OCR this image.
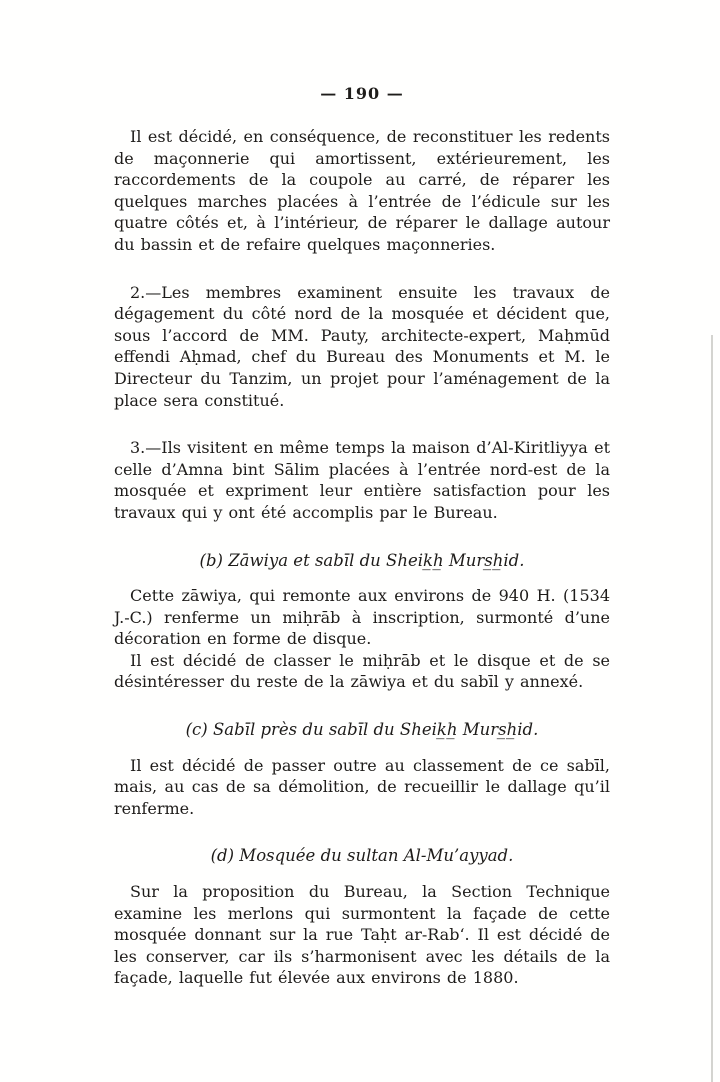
— 190 —

Il est décidé, en conséquence, de reconstituer les redents de maçonnerie qui amortissent, extérieurement, les raccordements de la coupole au carré, de réparer les quelques marches placées à l’entrée de l’édicule sur les quatre côtés et, à l’intérieur, de réparer le dallage autour du bassin et de refaire quelques maçonneries.

2.—Les membres examinent ensuite les travaux de dégagement du côté nord de la mosquée et décident que, sous l’accord de MM. Pauty, architecte-expert, Maḥmūd effendi Aḥmad, chef du Bureau des Monuments et M. le Directeur du Tanzim, un projet pour l’aménagement de la place sera constitué.

3.—Ils visitent en même temps la maison d’Al-Kiritliyya et celle d’Amna bint Sālim placées à l’entrée nord-est de la mosquée et expriment leur entière satisfaction pour les travaux qui y ont été accomplis par le Bureau.

(b) Zāwiya et sabīl du Sheik̲h̲ Murs̲h̲id.

Cette zāwiya, qui remonte aux environs de 940 H. (1534 J.-C.) renferme un miḥrāb à inscription, surmonté d’une décoration en forme de disque.

Il est décidé de classer le miḥrāb et le disque et de se désintéresser du reste de la zāwiya et du sabīl y annexé.

(c) Sabīl près du sabīl du Sheik̲h̲ Murs̲h̲id.

Il est décidé de passer outre au classement de ce sabīl, mais, au cas de sa démolition, de recueillir le dallage qu’il renferme.

(d) Mosquée du sultan Al-Mu’ayyad.

Sur la proposition du Bureau, la Section Technique examine les merlons qui surmontent la façade de cette mosquée donnant sur la rue Taḥt ar-Rab‘. Il est décidé de les conserver, car ils s’harmonisent avec les détails de la façade, laquelle fut élevée aux environs de 1880.
